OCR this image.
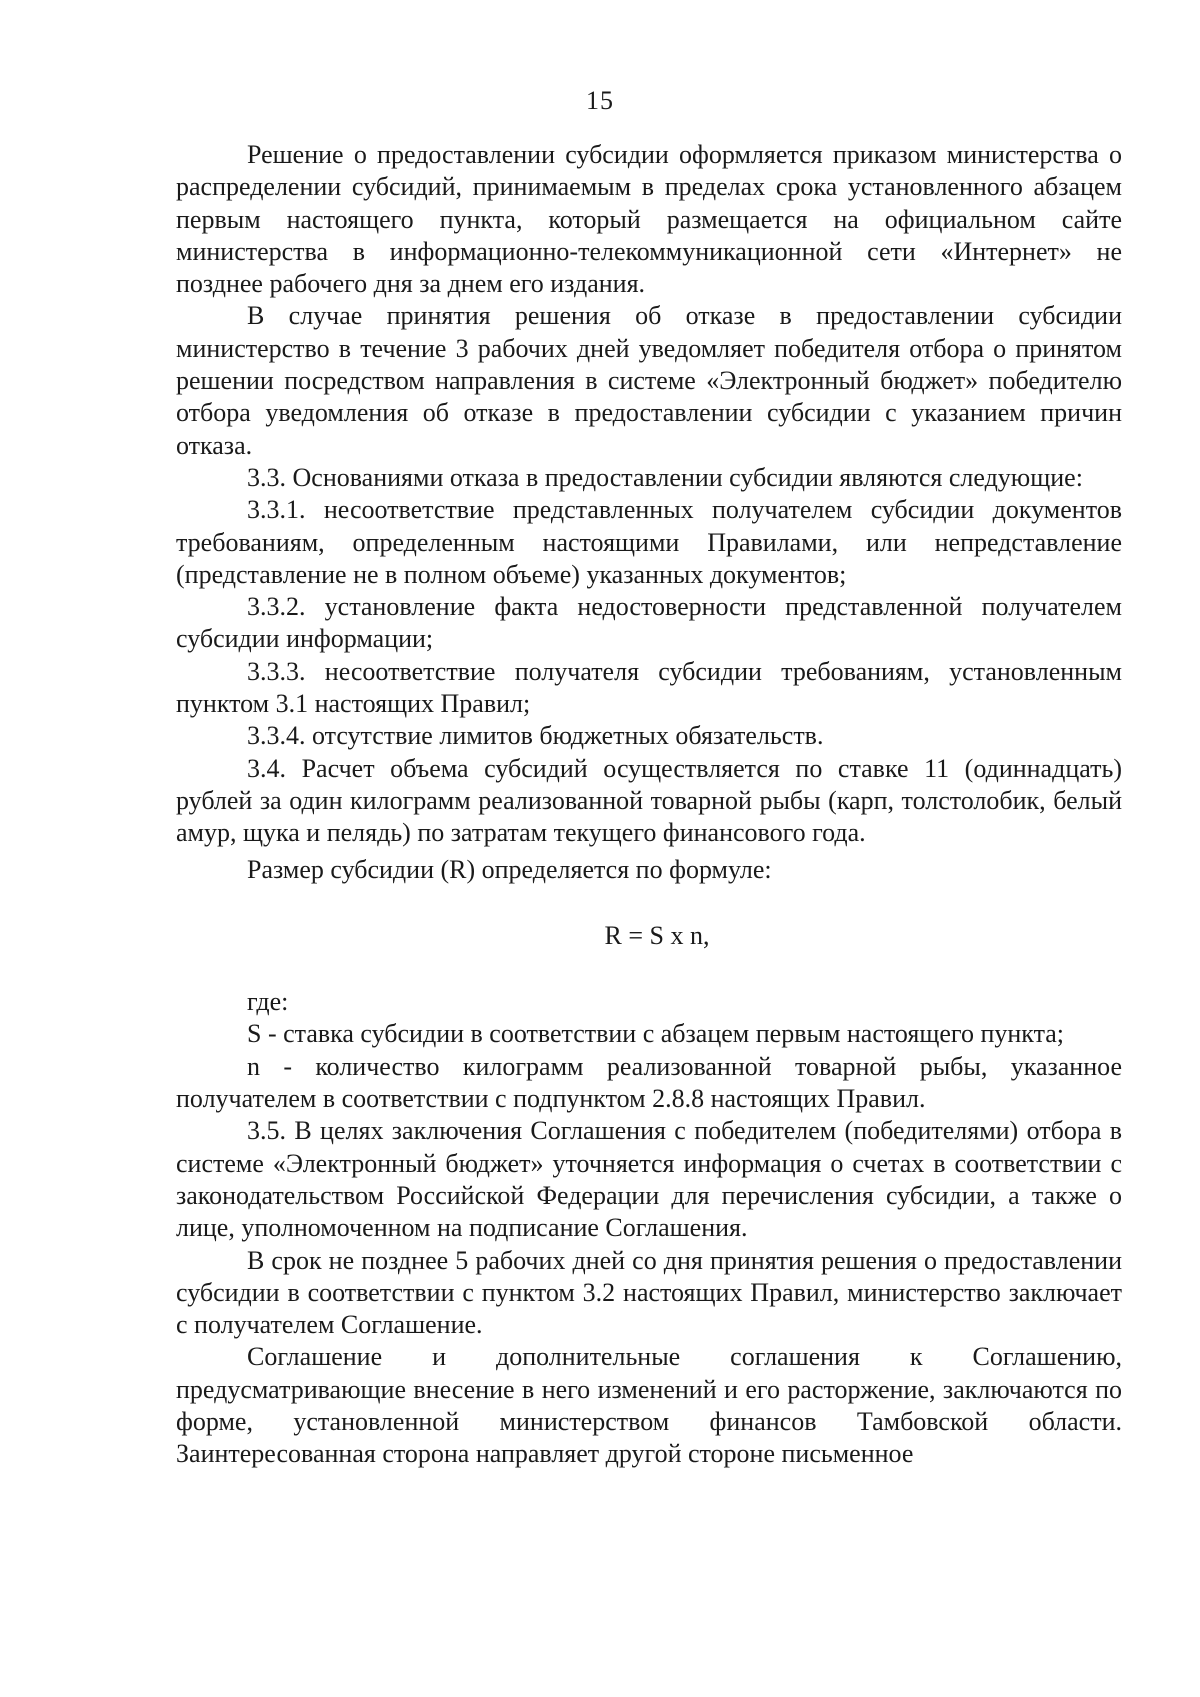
15

Решение о предоставлении субсидии оформляется приказом министерства о распределении субсидий, принимаемым в пределах срока установленного абзацем первым настоящего пункта, который размещается на официальном сайте министерства в информационно-телекоммуникационной сети «Интернет» не позднее рабочего дня за днем его издания.

В случае принятия решения об отказе в предоставлении субсидии министерство в течение 3 рабочих дней уведомляет победителя отбора о принятом решении посредством направления в системе «Электронный бюджет» победителю отбора уведомления об отказе в предоставлении субсидии с указанием причин отказа.

3.3. Основаниями отказа в предоставлении субсидии являются следующие:

3.3.1. несоответствие представленных получателем субсидии документов требованиям, определенным настоящими Правилами, или непредставление (представление не в полном объеме) указанных документов;

3.3.2. установление факта недостоверности представленной получателем субсидии информации;

3.3.3. несоответствие получателя субсидии требованиям, установленным пунктом 3.1 настоящих Правил;

3.3.4. отсутствие лимитов бюджетных обязательств.

3.4. Расчет объема субсидий осуществляется по ставке 11 (одиннадцать) рублей за один килограмм реализованной товарной рыбы (карп, толстолобик, белый амур, щука и пелядь) по затратам текущего финансового года.

Размер субсидии (R) определяется по формуле:

R = S x n,

где:

S - ставка субсидии в соответствии с абзацем первым настоящего пункта;

n - количество килограмм реализованной товарной рыбы, указанное получателем в соответствии с подпунктом 2.8.8 настоящих Правил.

3.5. В целях заключения Соглашения с победителем (победителями) отбора в системе «Электронный бюджет» уточняется информация о счетах в соответствии с законодательством Российской Федерации для перечисления субсидии, а также о лице, уполномоченном на подписание Соглашения.

В срок не позднее 5 рабочих дней со дня принятия решения о предоставлении субсидии в соответствии с пунктом 3.2 настоящих Правил, министерство заключает с получателем Соглашение.

Соглашение и дополнительные соглашения к Соглашению, предусматривающие внесение в него изменений и его расторжение, заключаются по форме, установленной министерством финансов Тамбовской области. Заинтересованная сторона направляет другой стороне письменное
